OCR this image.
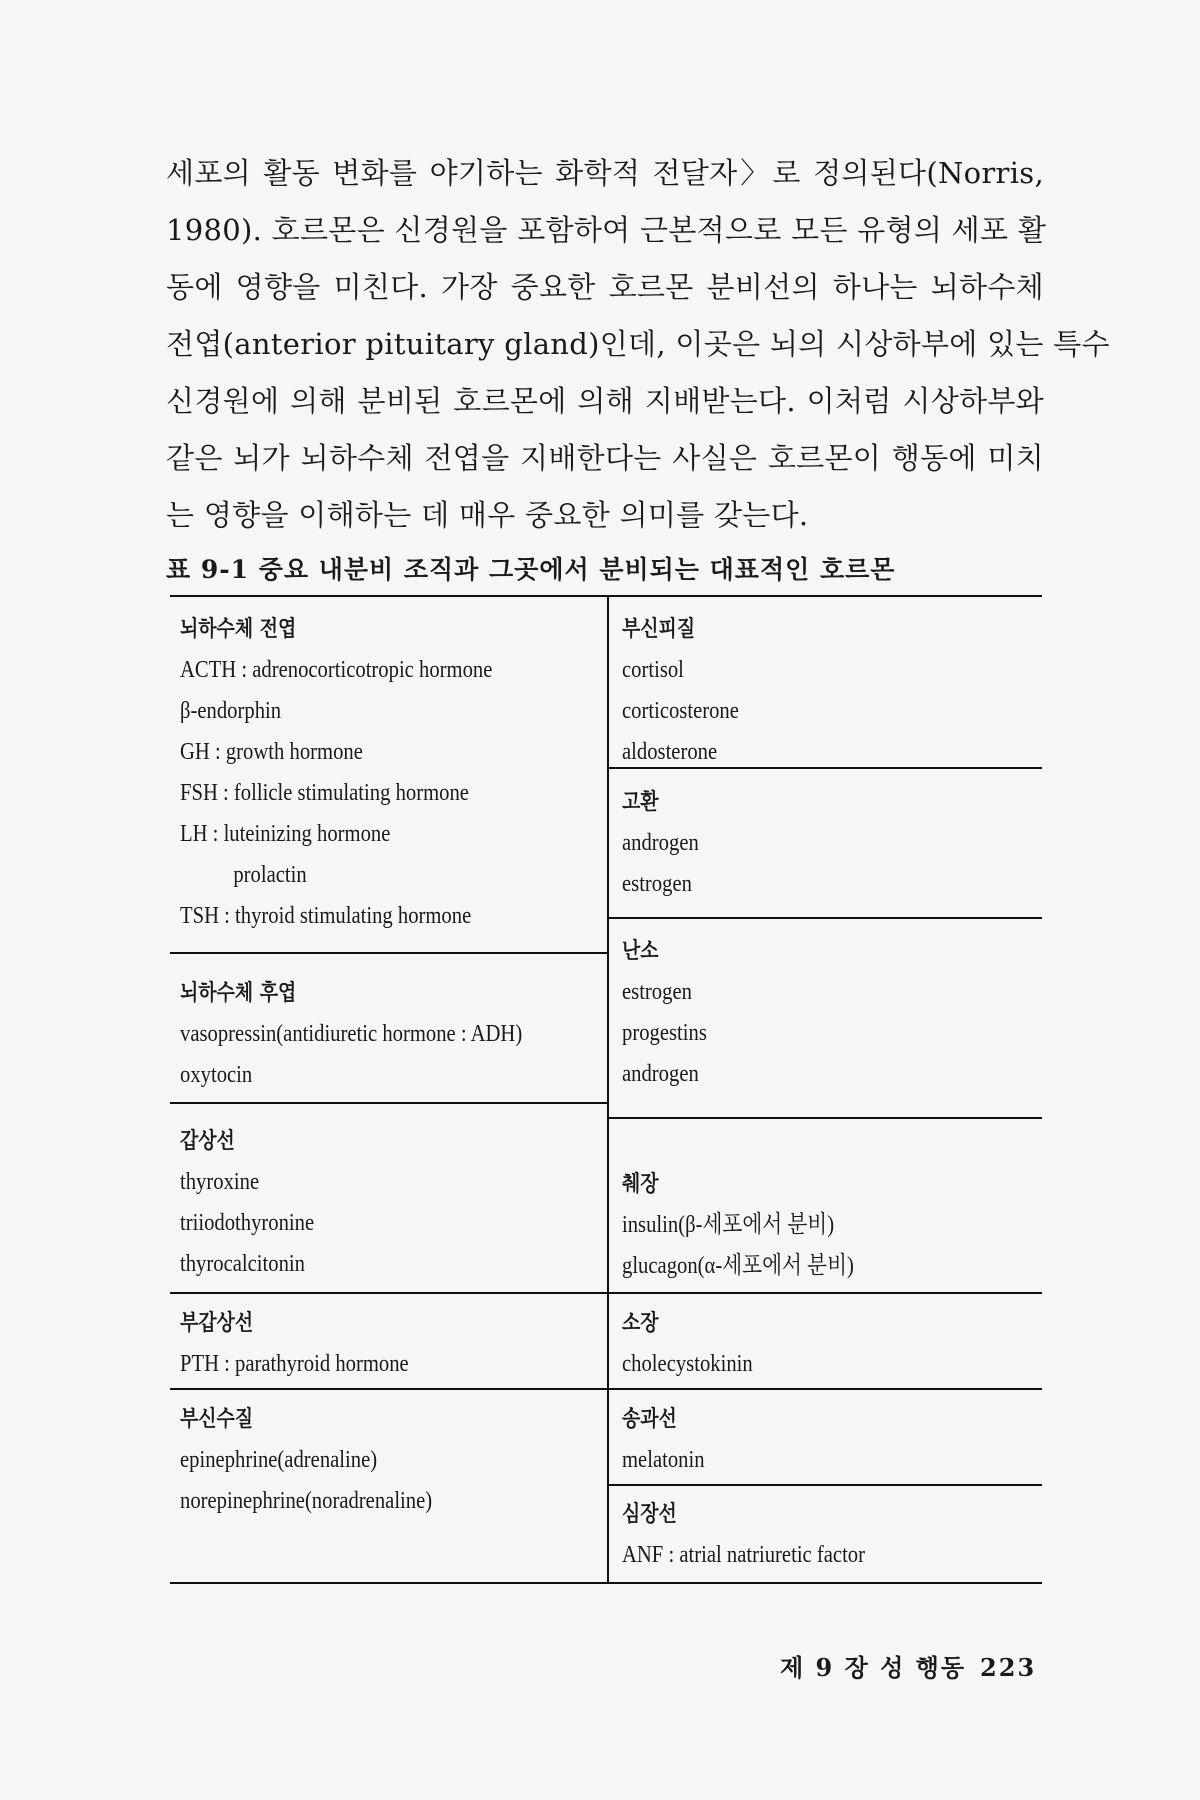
세포의 활동 변화를 야기하는 화학적 전달자〉로 정의된다(Norris,
1980). 호르몬은 신경원을 포함하여 근본적으로 모든 유형의 세포 활
동에 영향을 미친다. 가장 중요한 호르몬 분비선의 하나는 뇌하수체
전엽(anterior pituitary gland)인데, 이곳은 뇌의 시상하부에 있는 특수
신경원에 의해 분비된 호르몬에 의해 지배받는다. 이처럼 시상하부와
같은 뇌가 뇌하수체 전엽을 지배한다는 사실은 호르몬이 행동에 미치
는 영향을 이해하는 데 매우 중요한 의미를 갖는다.
표 9-1 중요 내분비 조직과 그곳에서 분비되는 대표적인 호르몬
뇌하수체 전엽
ACTH : adrenocorticotropic hormone
β-endorphin
GH : growth hormone
FSH : follicle stimulating hormone
LH : luteinizing hormone
prolactin
TSH : thyroid stimulating hormone
뇌하수체 후엽
vasopressin(antidiuretic hormone : ADH)
oxytocin
갑상선
thyroxine
triiodothyronine
thyrocalcitonin
부갑상선
PTH : parathyroid hormone
부신수질
epinephrine(adrenaline)
norepinephrine(noradrenaline)
부신피질
cortisol
corticosterone
aldosterone
고환
androgen
estrogen
난소
estrogen
progestins
androgen
췌장
insulin(β-세포에서 분비)
glucagon(α-세포에서 분비)
소장
cholecystokinin
송과선
melatonin
심장선
ANF : atrial natriuretic factor
제 9 장 성 행동 223
